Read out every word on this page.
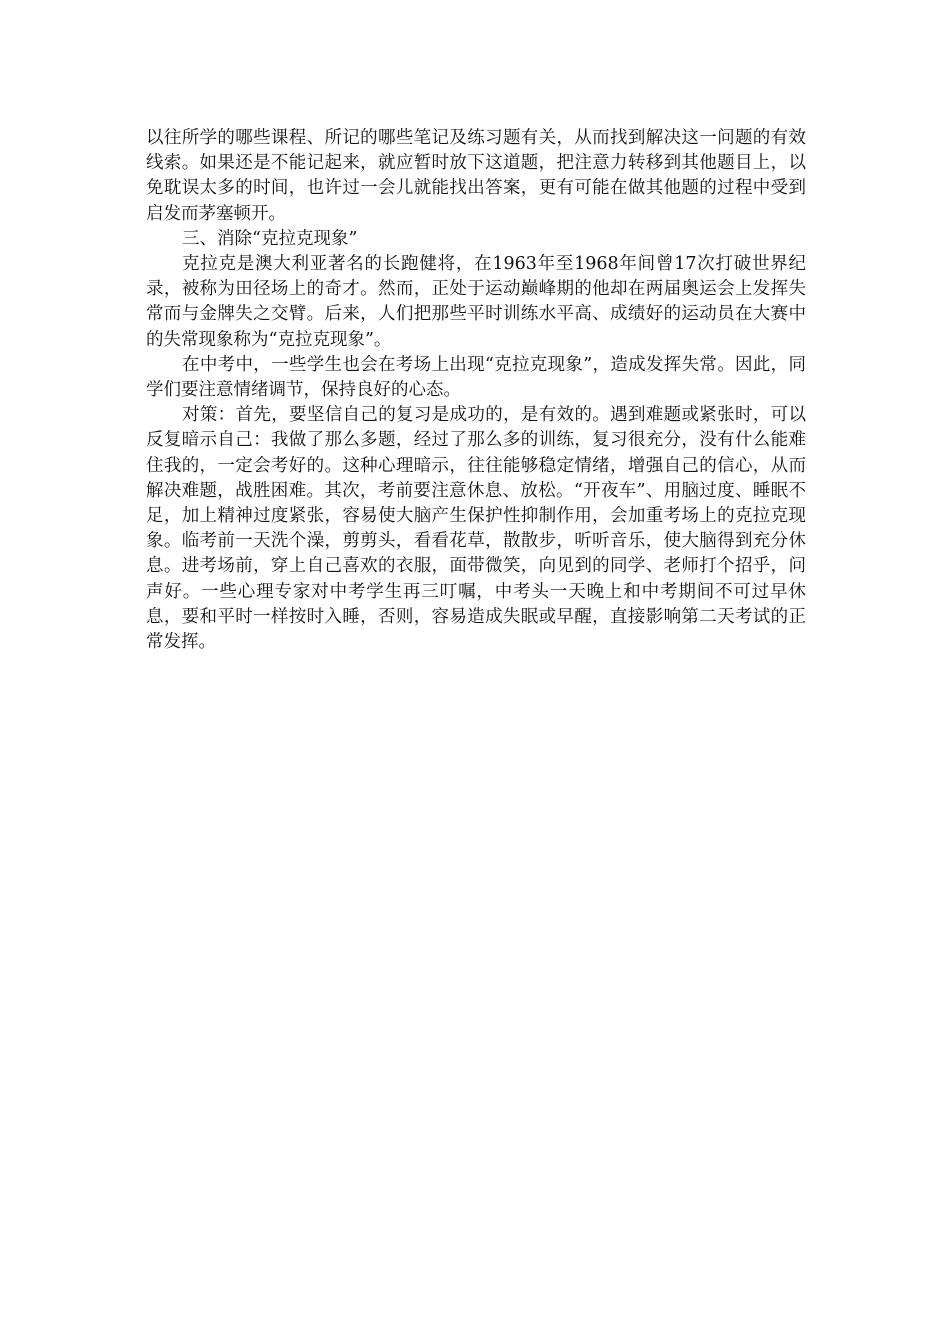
以往所学的哪些课程、所记的哪些笔记及练习题有关，从而找到解决这一问题的有效线索。如果还是不能记起来，就应暂时放下这道题，把注意力转移到其他题目上，以免耽误太多的时间，也许过一会儿就能找出答案，更有可能在做其他题的过程中受到启发而茅塞顿开。

三、消除“克拉克现象”

克拉克是澳大利亚著名的长跑健将，在1963年至1968年间曾17次打破世界纪录，被称为田径场上的奇才。然而，正处于运动巅峰期的他却在两届奥运会上发挥失常而与金牌失之交臂。后来，人们把那些平时训练水平高、成绩好的运动员在大赛中的失常现象称为“克拉克现象”。

在中考中，一些学生也会在考场上出现“克拉克现象”，造成发挥失常。因此，同学们要注意情绪调节，保持良好的心态。

对策：首先，要坚信自己的复习是成功的，是有效的。遇到难题或紧张时，可以反复暗示自己：我做了那么多题，经过了那么多的训练，复习很充分，没有什么能难住我的，一定会考好的。这种心理暗示，往往能够稳定情绪，增强自己的信心，从而解决难题，战胜困难。其次，考前要注意休息、放松。“开夜车”、用脑过度、睡眠不足，加上精神过度紧张，容易使大脑产生保护性抑制作用，会加重考场上的克拉克现象。临考前一天洗个澡，剪剪头，看看花草，散散步，听听音乐，使大脑得到充分休息。进考场前，穿上自己喜欢的衣服，面带微笑，向见到的同学、老师打个招乎，问声好。一些心理专家对中考学生再三叮嘱，中考头一天晚上和中考期间不可过早休息，要和平时一样按时入睡，否则，容易造成失眠或早醒，直接影响第二天考试的正常发挥。
